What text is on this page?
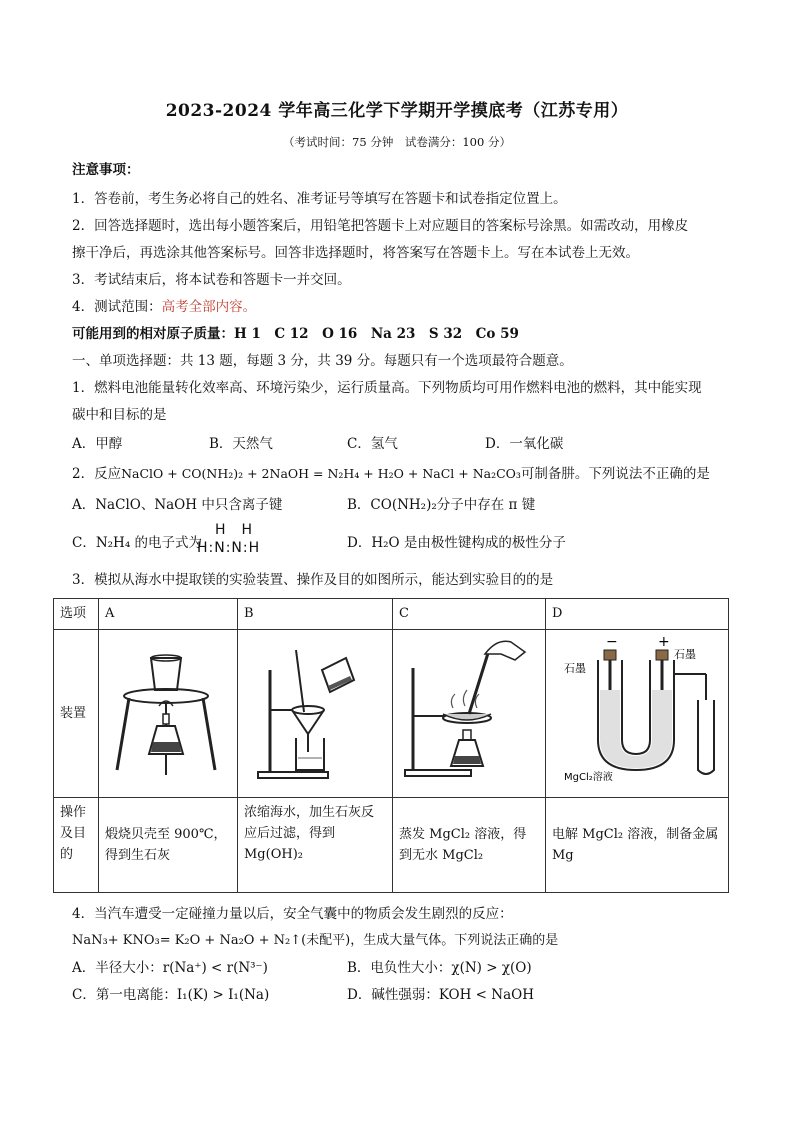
2023-2024 学年高三化学下学期开学摸底考（江苏专用）
（考试时间：75 分钟　试卷满分：100 分）
注意事项：
1．答卷前，考生务必将自己的姓名、准考证号等填写在答题卡和试卷指定位置上。
2．回答选择题时，选出每小题答案后，用铅笔把答题卡上对应题目的答案标号涂黑。如需改动，用橡皮
擦干净后，再选涂其他答案标号。回答非选择题时，将答案写在答题卡上。写在本试卷上无效。
3．考试结束后，将本试卷和答题卡一并交回。
4．测试范围：高考全部内容。
可能用到的相对原子质量：H 1　C 12　O 16　Na 23　S 32　Co 59
一、单项选择题：共 13 题，每题 3 分，共 39 分。每题只有一个选项最符合题意。
1．燃料电池能量转化效率高、环境污染少，运行质量高。下列物质均可用作燃料电池的燃料，其中能实现
碳中和目标的是
A．甲醇	B．天然气	C．氢气	D．一氧化碳
2．反应NaClO + CO(NH₂)₂ + 2NaOH = N₂H₄ + H₂O + NaCl + Na₂CO₃可制备肼。下列说法不正确的是
A．NaClO、NaOH 中只含离子键	B．CO(NH₂)₂分子中存在 π 键
C．N₂H₄ 的电子式为
H　H
H:N:N:H	D．H₂O 是由极性键构成的极性分子
3．模拟从海水中提取镁的实验装置、操作及目的如图所示，能达到实验目的的是
选项	A	B	C	D
装置				− +
石墨
石墨
MgCl₂溶液

操作及目的	煅烧贝壳至 900℃，得到生石灰	浓缩海水，加生石灰反应后过滤，得到 Mg(OH)₂	蒸发 MgCl₂ 溶液，得到无水 MgCl₂	电解 MgCl₂ 溶液，制备金属 Mg
4．当汽车遭受一定碰撞力量以后，安全气囊中的物质会发生剧烈的反应：
NaN₃+ KNO₃= K₂O + Na₂O + N₂↑(未配平)，生成大量气体。下列说法正确的是
A．半径大小：r(Na⁺) < r(N³⁻)	B．电负性大小：χ(N) > χ(O)
C．第一电离能：I₁(K) > I₁(Na)	D．碱性强弱：KOH < NaOH
